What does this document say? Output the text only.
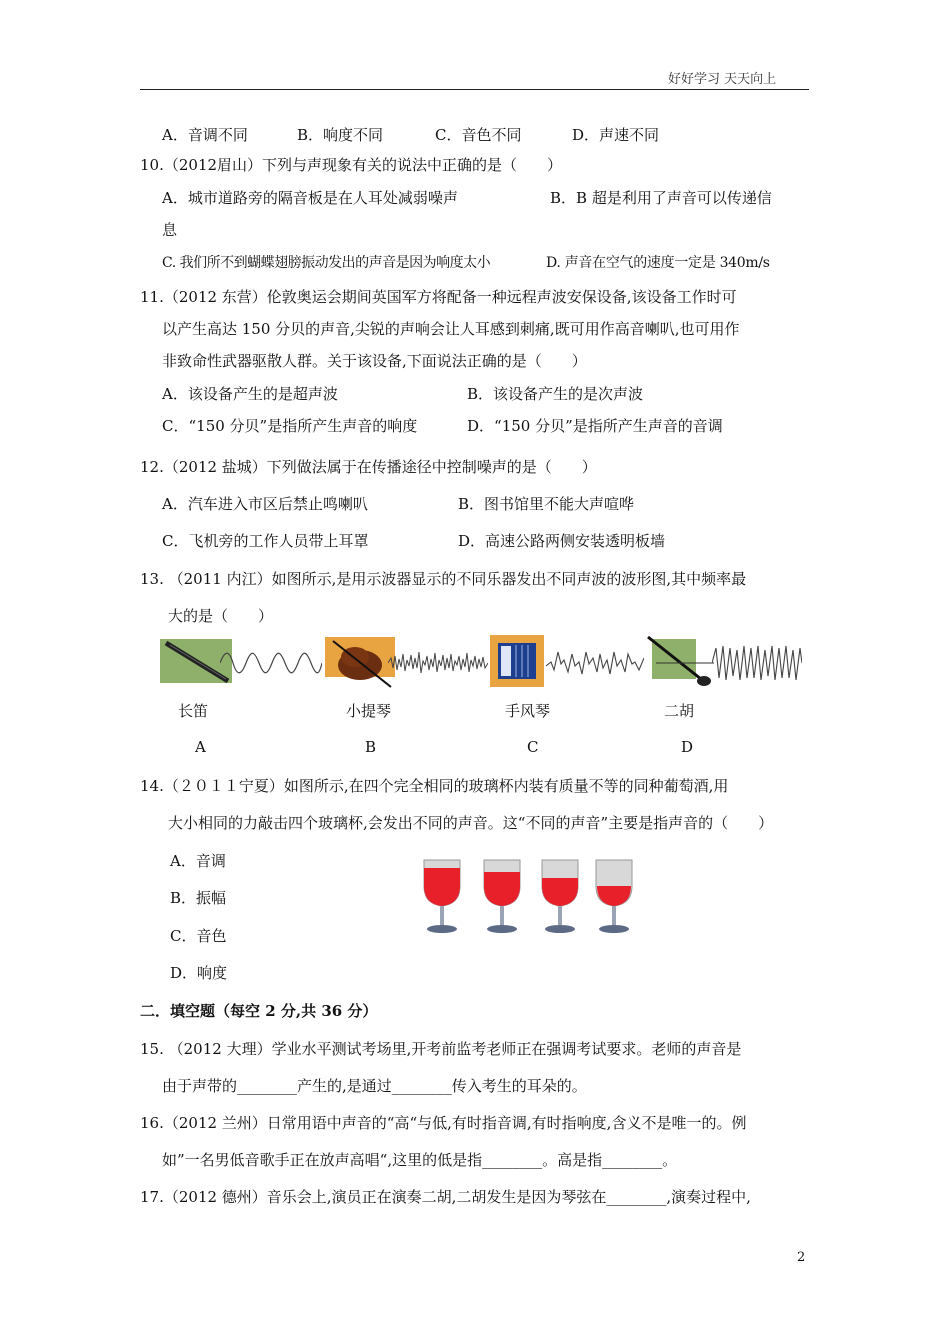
好好学习 天天向上
A．音调不同	B．响度不同	C．音色不同	D．声速不同
10.（2012眉山）下列与声现象有关的说法中正确的是（　　）
A．城市道路旁的隔音板是在人耳处减弱噪声	B．B 超是利用了声音可以传递信
息
C. 我们所不到蝴蝶翅膀振动发出的声音是因为响度太小	D. 声音在空气的速度一定是 340m/s
11.（2012 东营）伦敦奥运会期间英国军方将配备一种远程声波安保设备,该设备工作时可
以产生高达 150 分贝的声音,尖锐的声响会让人耳感到刺痛,既可用作高音喇叭,也可用作
非致命性武器驱散人群。关于该设备,下面说法正确的是（　　）
A．该设备产生的是超声波	B．该设备产生的是次声波
C．“150 分贝”是指所产生声音的响度	D．“150 分贝”是指所产生声音的音调
12.（2012 盐城）下列做法属于在传播途径中控制噪声的是（　　）
A．汽车进入市区后禁止鸣喇叭	B．图书馆里不能大声喧哗
C．飞机旁的工作人员带上耳罩	D．高速公路两侧安装透明板墙
13. （2011 内江）如图所示,是用示波器显示的不同乐器发出不同声波的波形图,其中频率最
大的是（　　）
长笛	小提琴	手风琴	二胡
A	B	C	D
14.（２０１１宁夏）如图所示,在四个完全相同的玻璃杯内装有质量不等的同种葡萄酒,用
大小相同的力敲击四个玻璃杯,会发出不同的声音。这“不同的声音”主要是指声音的（　　）
A．音调
B．振幅
C．音色
D．响度
二．填空题（每空 2 分,共 36 分）
15. （2012 大理）学业水平测试考场里,开考前监考老师正在强调考试要求。老师的声音是
由于声带的________产生的,是通过________传入考生的耳朵的。
16.（2012 兰州）日常用语中声音的“高“与低,有时指音调,有时指响度,含义不是唯一的。例
如”一名男低音歌手正在放声高唱“,这里的低是指________。高是指________。
17.（2012 德州）音乐会上,演员正在演奏二胡,二胡发生是因为琴弦在________,演奏过程中,
2
